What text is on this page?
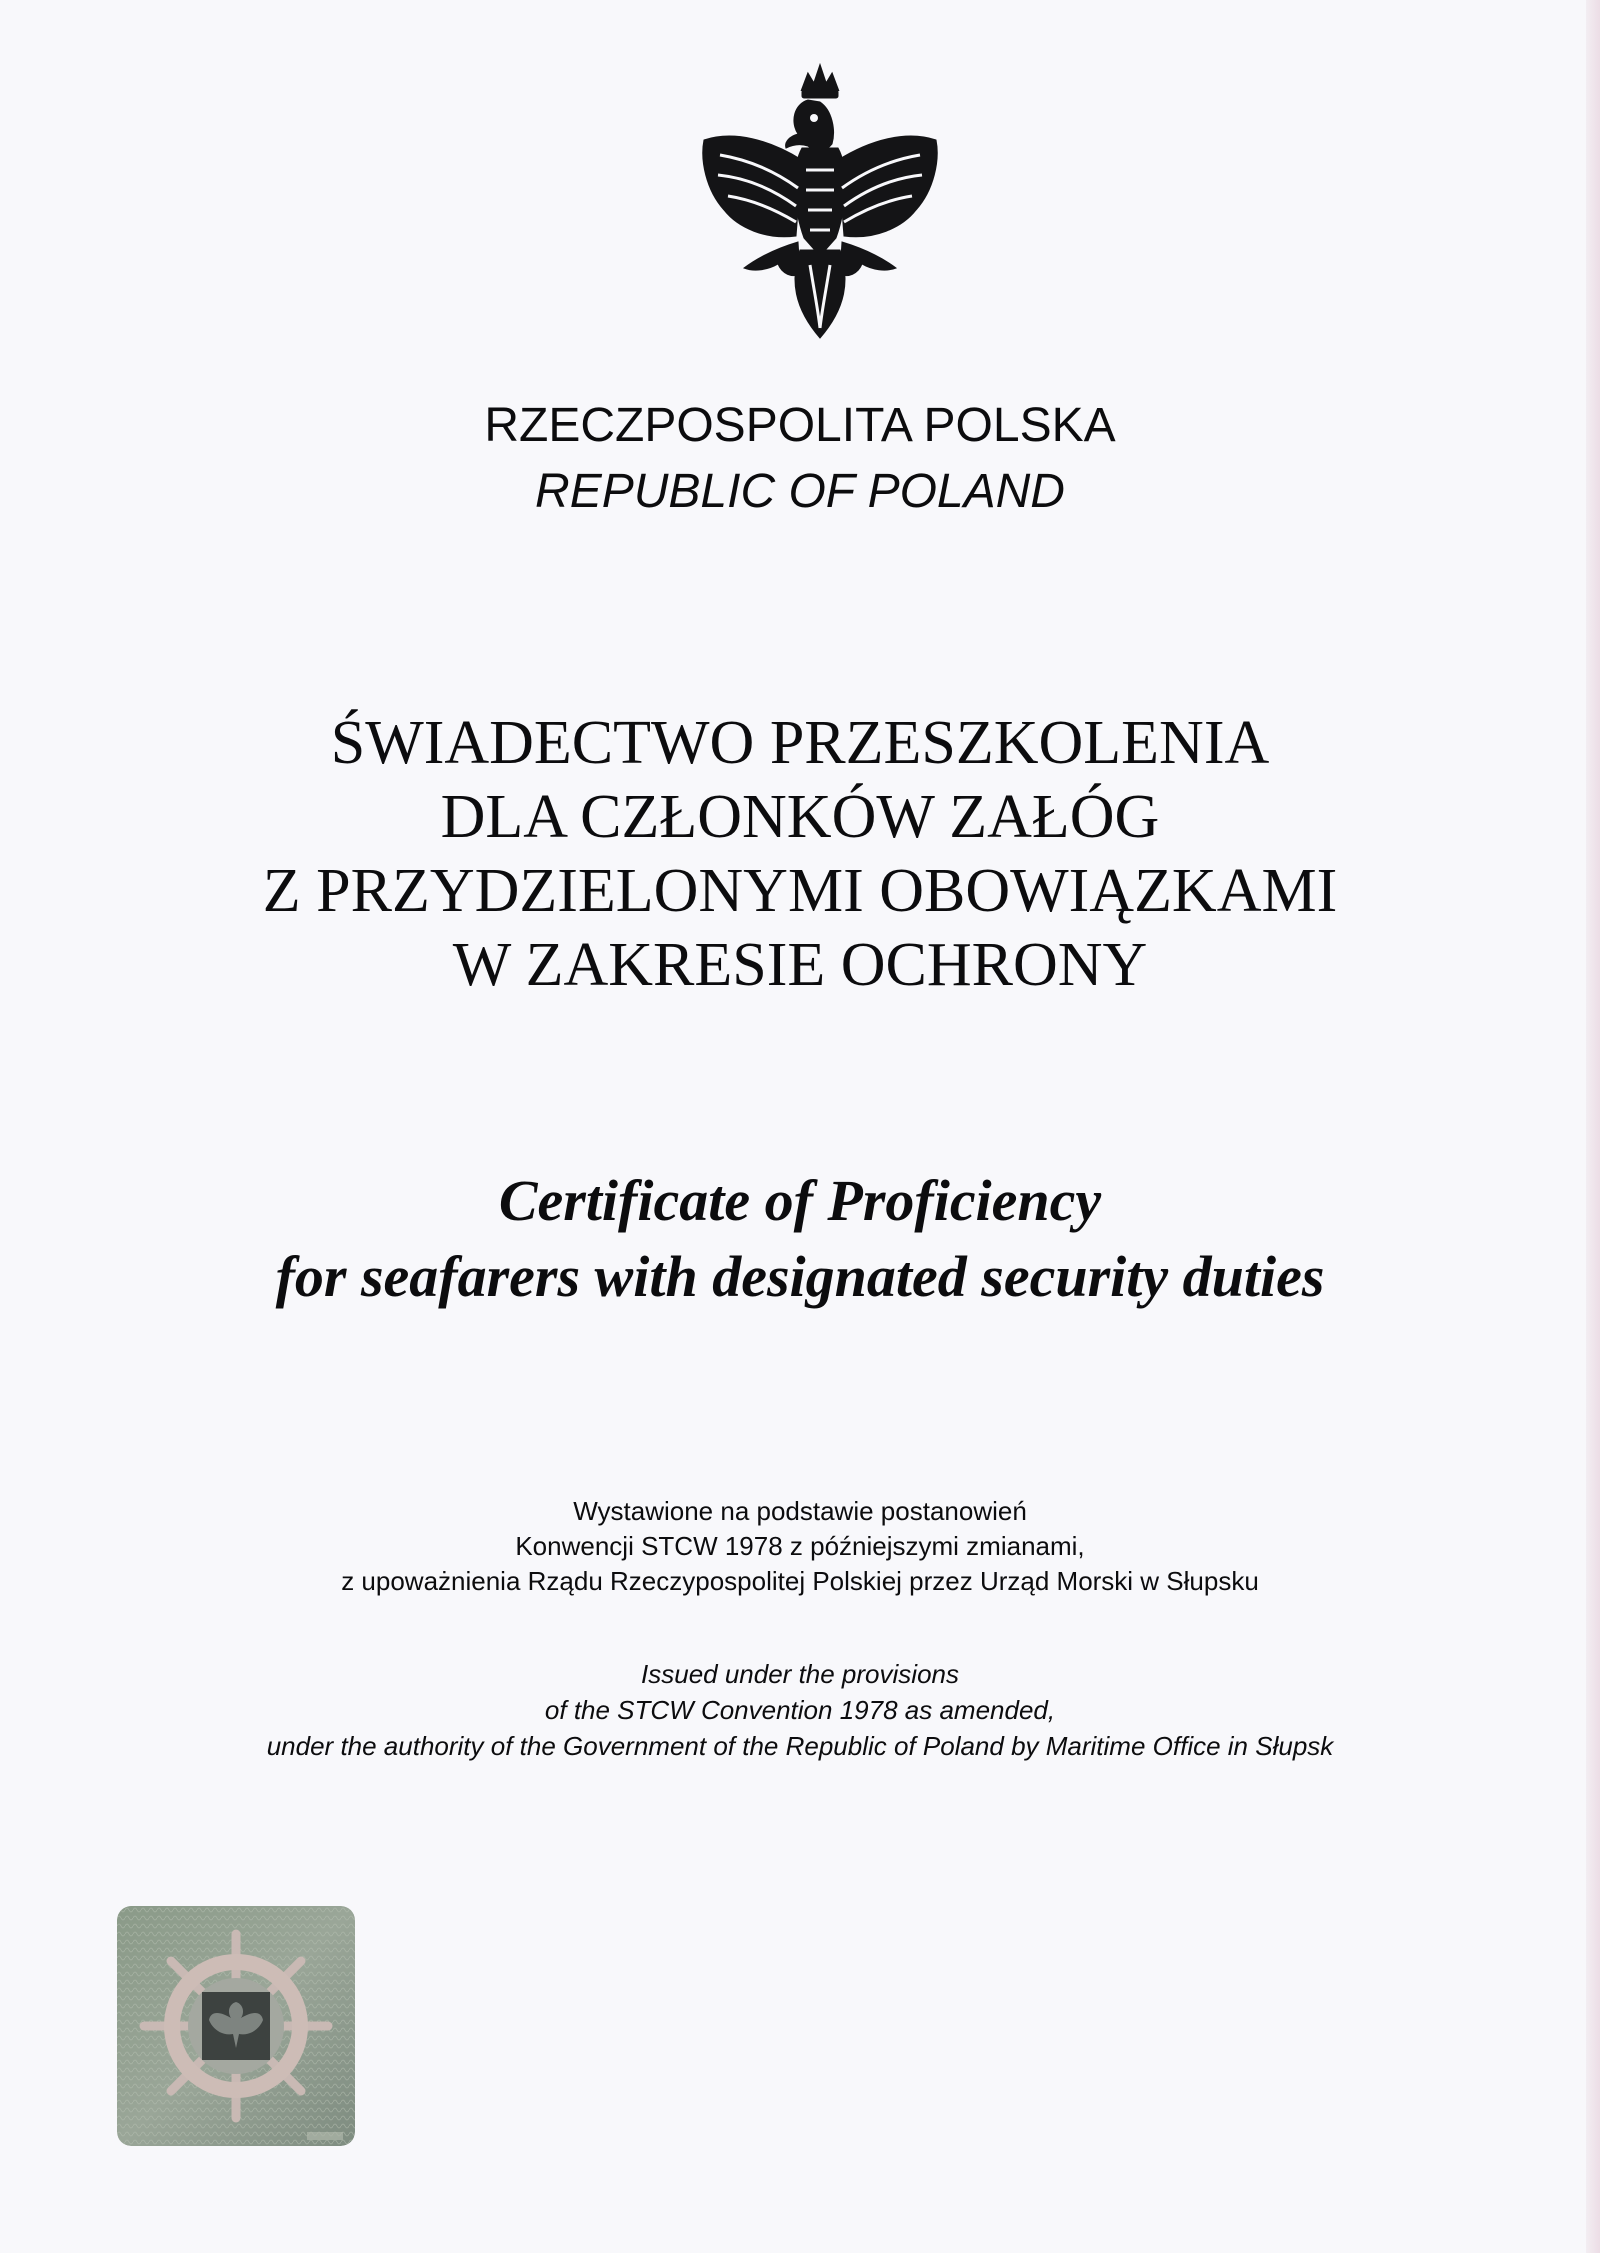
RZECZPOSPOLITA POLSKA
REPUBLIC OF POLAND
ŚWIADECTWO PRZESZKOLENIA
DLA CZŁONKÓW ZAŁÓG
Z PRZYDZIELONYMI OBOWIĄZKAMI
W ZAKRESIE OCHRONY
Certificate of Proficiency
for seafarers with designated security duties
Wystawione na podstawie postanowień
Konwencji STCW 1978 z późniejszymi zmianami,
z upoważnienia Rządu Rzeczypospolitej Polskiej przez Urząd Morski w Słupsku
Issued under the provisions
of the STCW Convention 1978 as amended,
under the authority of the Government of the Republic of Poland by Maritime Office in Słupsk
